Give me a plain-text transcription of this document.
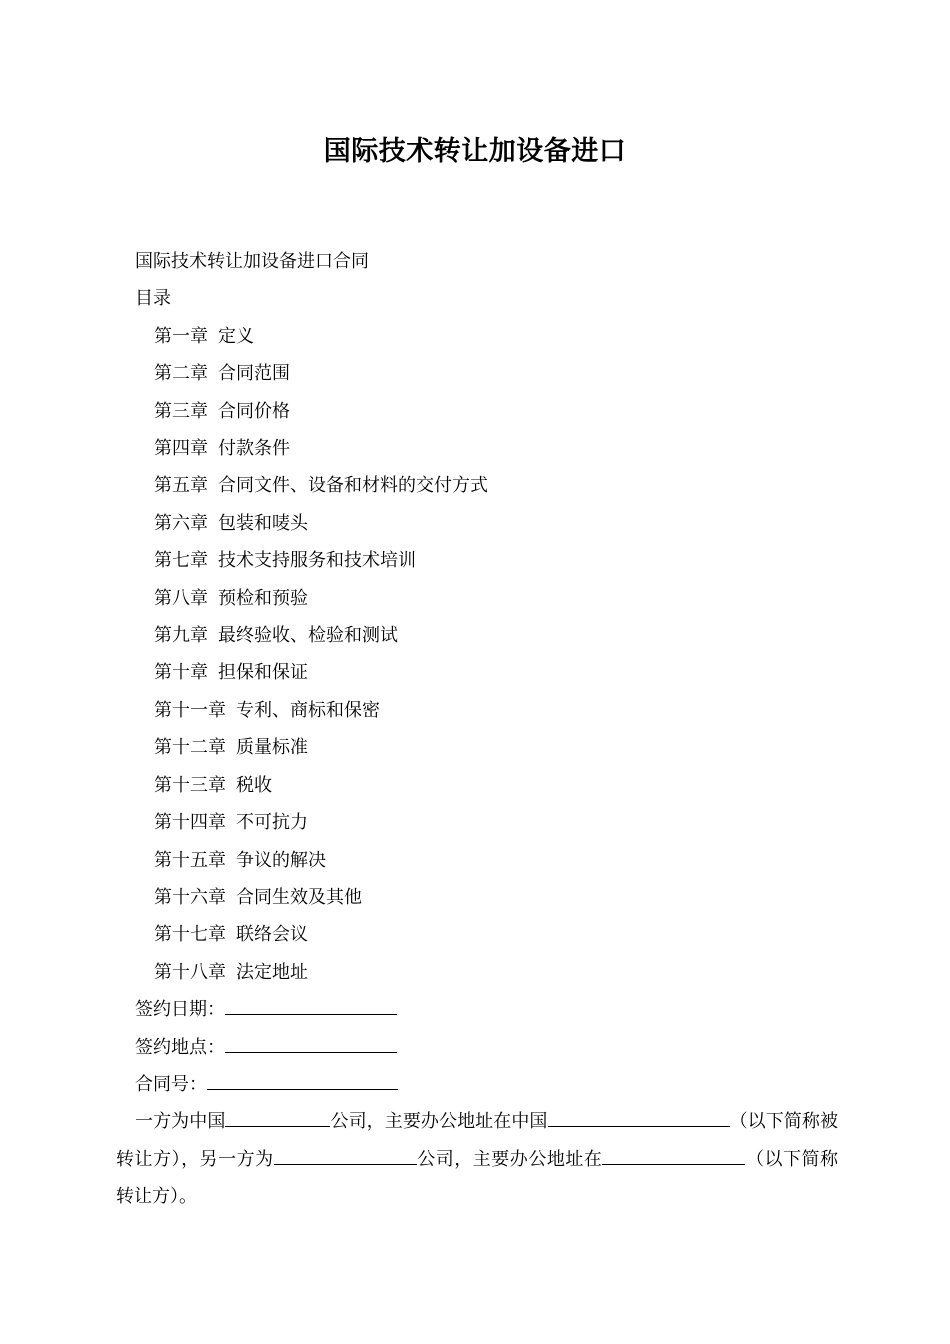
国际技术转让加设备进口
国际技术转让加设备进口合同
目录
第一章 定义
第二章 合同范围
第三章 合同价格
第四章 付款条件
第五章 合同文件、设备和材料的交付方式
第六章 包装和唛头
第七章 技术支持服务和技术培训
第八章 预检和预验
第九章 最终验收、检验和测试
第十章 担保和保证
第十一章 专利、商标和保密
第十二章 质量标准
第十三章 税收
第十四章 不可抗力
第十五章 争议的解决
第十六章 合同生效及其他
第十七章 联络会议
第十八章 法定地址
签约日期：
签约地点：
合同号：
一方为中国	公司，主要办公地址在中国	（以下简称被转让方），另一方为	公司，主要办公地址在	（以下简称转让方）。
